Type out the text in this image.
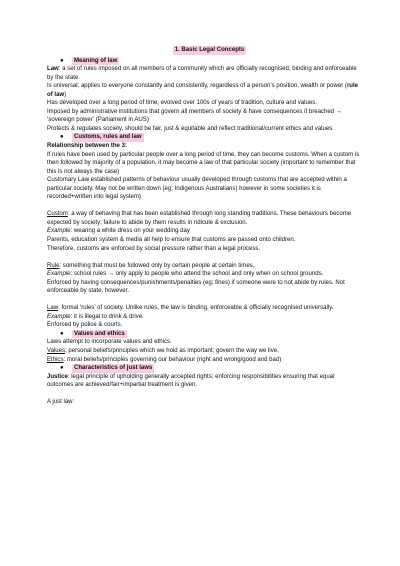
1. Basic Legal Concepts
● Meaning of law

Law: a set of rules imposed on all members of a community which are officially recognised, binding and enforceable by the state.

Is universal: applies to everyone constantly and consistently, regardless of a person’s position, wealth or power (rule of law)

Has developed over a long period of time, evolved over 100s of years of tradition, culture and values.

Imposed by administrative institutions that govern all members of society & have consequences if breached → ‘sovereign power’ (Parliament in AUS)

Protects & regulates society, should be fair, just & equitable and reflect traditional/current ethics and values.

● Customs, rules and law

Relationship between the 3:

If rules have been used by particular people over a long period of time, they can become customs. When a custom is then followed by majority of a population, it may become a law of that particular society (important to remember that this is not always the case)

Customary Law established patterns of behaviour usually developed through customs that are accepted within a particular society. May not be written down (eg; Indigenous Australians) however in some societies it is recorded+written into legal system)

Custom: a way of behaving that has been established through long standing traditions. These behaviours become expected by society; failure to abide by them results in ridicule & exclusion.

Example: wearing a white dress on your wedding day

Parents, education system & media all help to ensure that customs are passed onto children.

Therefore, customs are enforced by social pressure rather than a legal process.

Rule: something that must be followed only by certain people at certain times.

Example: school rules → only apply to people who attend the school and only when on school grounds.

Enforced by having consequences/punishments/penalties (eg; fines) if someone were to not abide by rules. Not enforceable by state, however.

Law: formal ‘rules’ of society. Unlike rules, the law is binding, enforceable & officially recognised universally.

Example: it is illegal to drink & drive.

Enforced by police & courts.

● Values and ethics

Laws attempt to incorporate values and ethics.

Values: personal beliefs/principles which we hold as important; govern the way we live.

Ethics: moral beliefs/principles governing our behaviour (right and wrong/good and bad)

● Characteristics of just laws

Justice: legal principle of upholding generally accepted rights; enforcing responsibilities ensuring that equal outcomes are achieved/fair+impartial treatment is given.

A just law:
